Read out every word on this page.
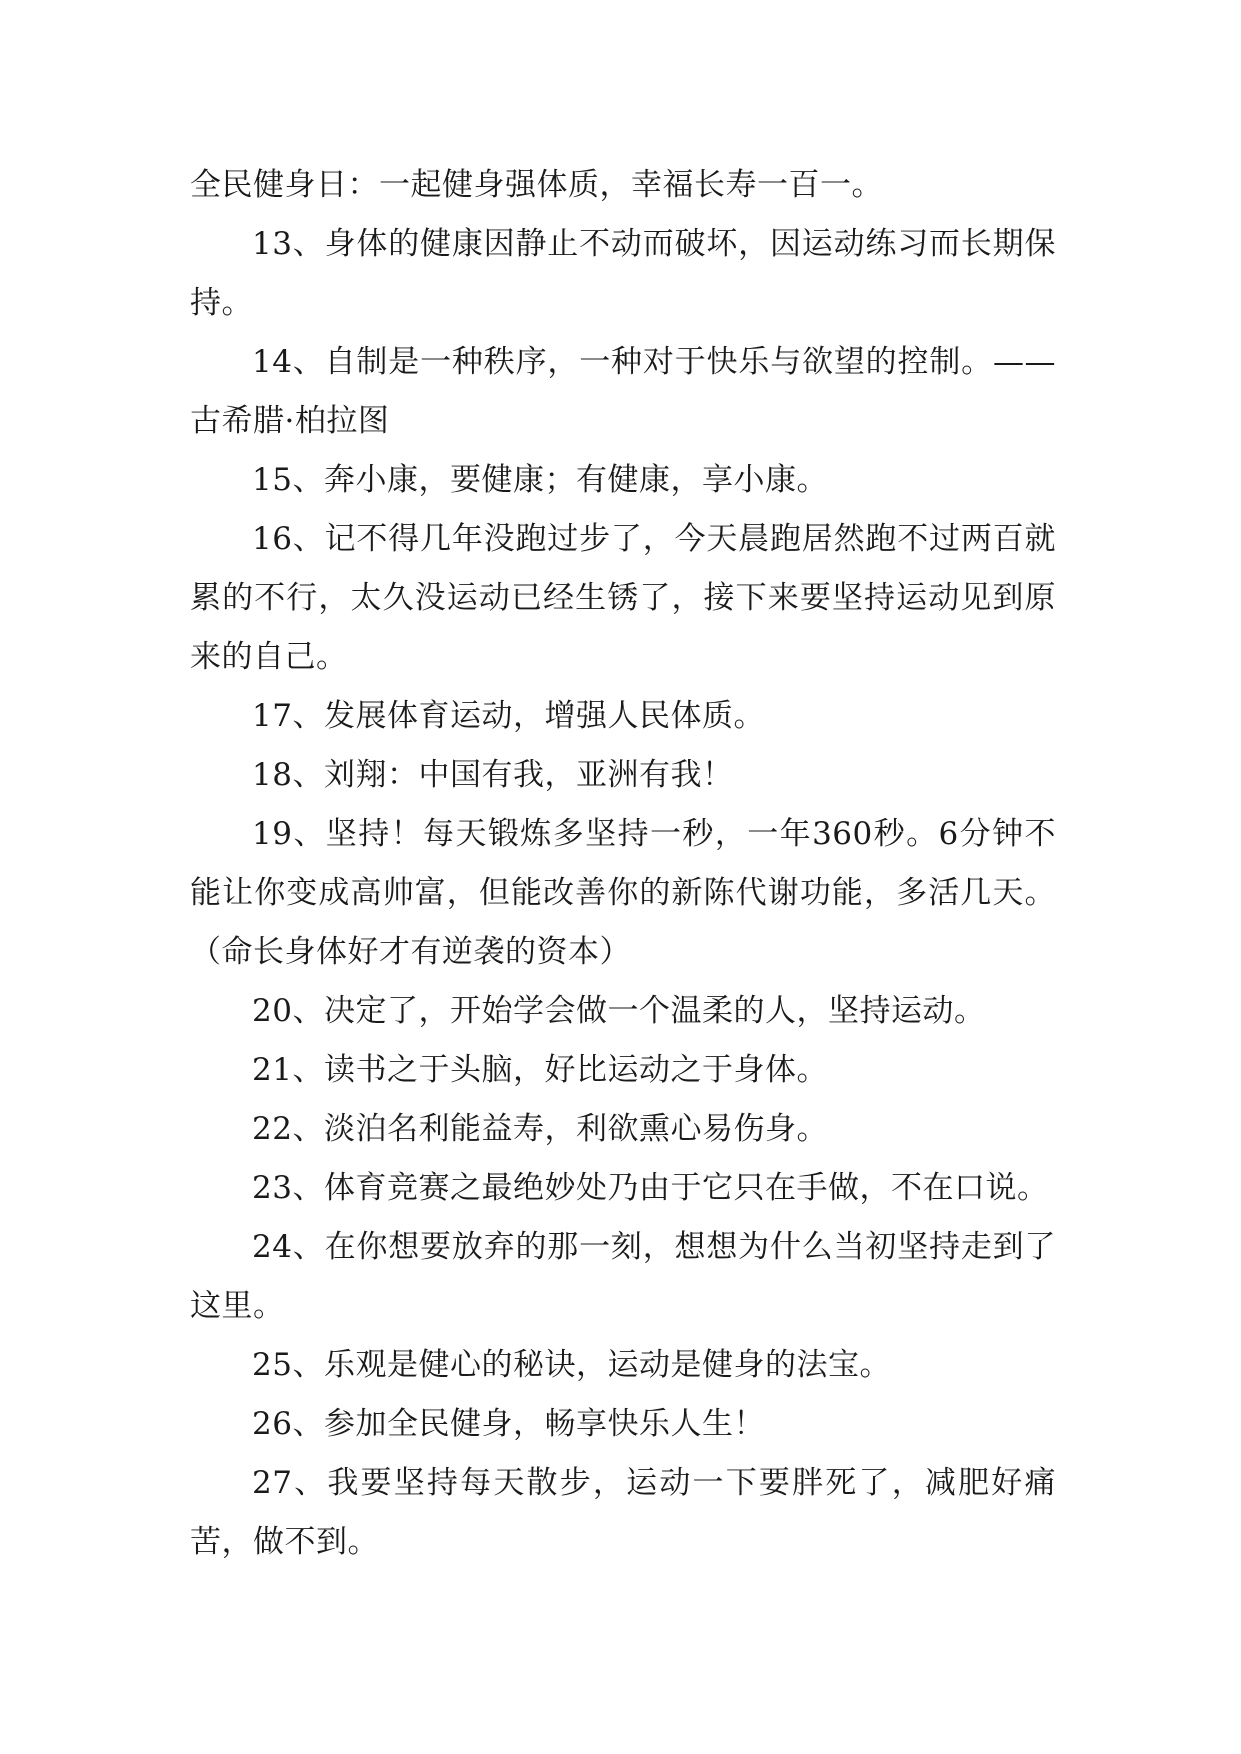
全民健身日：一起健身强体质，幸福长寿一百一。

13、身体的健康因静止不动而破坏，因运动练习而长期保持。

14、自制是一种秩序，一种对于快乐与欲望的控制。——古希腊·柏拉图

15、奔小康，要健康；有健康，享小康。

16、记不得几年没跑过步了，今天晨跑居然跑不过两百就累的不行，太久没运动已经生锈了，接下来要坚持运动见到原来的自己。

17、发展体育运动，增强人民体质。

18、刘翔：中国有我，亚洲有我！

19、坚持！每天锻炼多坚持一秒，一年360秒。6分钟不能让你变成高帅富，但能改善你的新陈代谢功能，多活几天。（命长身体好才有逆袭的资本）

20、决定了，开始学会做一个温柔的人，坚持运动。

21、读书之于头脑，好比运动之于身体。

22、淡泊名利能益寿，利欲熏心易伤身。

23、体育竞赛之最绝妙处乃由于它只在手做，不在口说。

24、在你想要放弃的那一刻，想想为什么当初坚持走到了这里。

25、乐观是健心的秘诀，运动是健身的法宝。

26、参加全民健身，畅享快乐人生！

27、我要坚持每天散步，运动一下要胖死了，减肥好痛苦，做不到。
